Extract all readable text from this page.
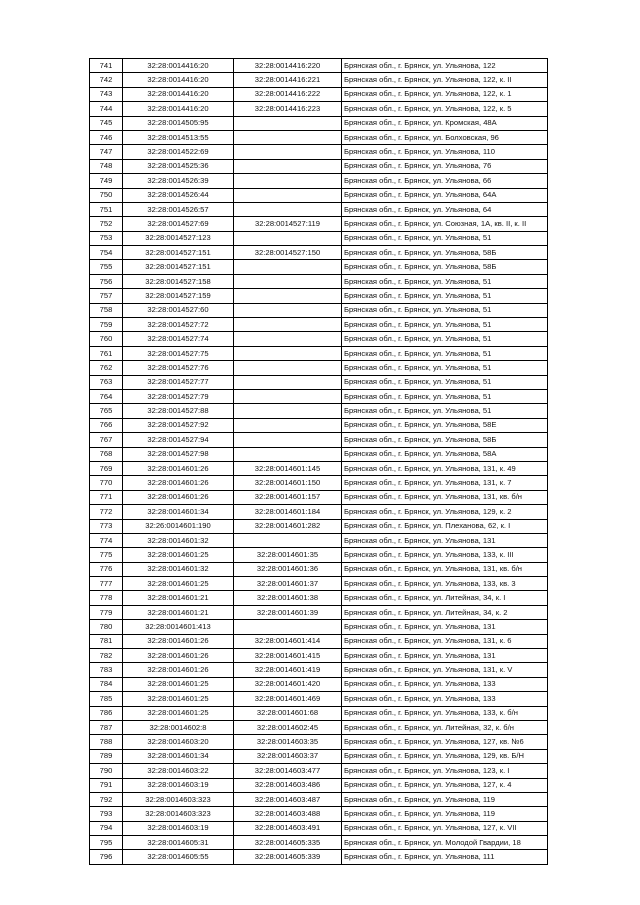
741	32:28:0014416:20	32:28:0014416:220	Брянская обл., г. Брянск, ул. Ульянова, 122
742	32:28:0014416:20	32:28:0014416:221	Брянская обл., г. Брянск, ул. Ульянова, 122, к. II
743	32:28:0014416:20	32:28:0014416:222	Брянская обл., г. Брянск, ул. Ульянова, 122, к. 1
744	32:28:0014416:20	32:28:0014416:223	Брянская обл., г. Брянск, ул. Ульянова, 122, к. 5
745	32:28:0014505:95		Брянская обл., г. Брянск, ул. Кромская, 48А
746	32:28:0014513:55		Брянская обл., г. Брянск, ул. Болховская, 96
747	32:28:0014522:69		Брянская обл., г. Брянск, ул. Ульянова, 110
748	32:28:0014525:36		Брянская обл., г. Брянск, ул. Ульянова, 76
749	32:28:0014526:39		Брянская обл., г. Брянск, ул. Ульянова, 66
750	32:28:0014526:44		Брянская обл., г. Брянск, ул. Ульянова, 64А
751	32:28:0014526:57		Брянская обл., г. Брянск, ул. Ульянова, 64
752	32:28:0014527:69	32:28:0014527:119	Брянская обл., г. Брянск, ул. Союзная, 1А, кв. II, к. II
753	32:28:0014527:123		Брянская обл., г. Брянск, ул. Ульянова, 51
754	32:28:0014527:151	32:28:0014527:150	Брянская обл., г. Брянск, ул. Ульянова, 58Б
755	32:28:0014527:151		Брянская обл., г. Брянск, ул. Ульянова, 58Б
756	32:28:0014527:158		Брянская обл., г. Брянск, ул. Ульянова, 51
757	32:28:0014527:159		Брянская обл., г. Брянск, ул. Ульянова, 51
758	32:28:0014527:60		Брянская обл., г. Брянск, ул. Ульянова, 51
759	32:28:0014527:72		Брянская обл., г. Брянск, ул. Ульянова, 51
760	32:28:0014527:74		Брянская обл., г. Брянск, ул. Ульянова, 51
761	32:28:0014527:75		Брянская обл., г. Брянск, ул. Ульянова, 51
762	32:28:0014527:76		Брянская обл., г. Брянск, ул. Ульянова, 51
763	32:28:0014527:77		Брянская обл., г. Брянск, ул. Ульянова, 51
764	32:28:0014527:79		Брянская обл., г. Брянск, ул. Ульянова, 51
765	32:28:0014527:88		Брянская обл., г. Брянск, ул. Ульянова, 51
766	32:28:0014527:92		Брянская обл., г. Брянск, ул. Ульянова, 58Е
767	32:28:0014527:94		Брянская обл., г. Брянск, ул. Ульянова, 58Б
768	32:28:0014527:98		Брянская обл., г. Брянск, ул. Ульянова, 58А
769	32:28:0014601:26	32:28:0014601:145	Брянская обл., г. Брянск, ул. Ульянова, 131, к. 49
770	32:28:0014601:26	32:28:0014601:150	Брянская обл., г. Брянск, ул. Ульянова, 131, к. 7
771	32:28:0014601:26	32:28:0014601:157	Брянская обл., г. Брянск, ул. Ульянова, 131, кв. б/н
772	32:28:0014601:34	32:28:0014601:184	Брянская обл., г. Брянск, ул. Ульянова, 129, к. 2
773	32:26:0014601:190	32:28:0014601:282	Брянская обл., г. Брянск, ул. Плеханова, 62, к. I
774	32:28:0014601:32		Брянская обл., г. Брянск, ул. Ульянова, 131
775	32:28:0014601:25	32:28:0014601:35	Брянская обл., г. Брянск, ул. Ульянова, 133, к. III
776	32:28:0014601:32	32:28:0014601:36	Брянская обл., г. Брянск, ул. Ульянова, 131, кв. б/н
777	32:28:0014601:25	32:28:0014601:37	Брянская обл., г. Брянск, ул. Ульянова, 133, кв. 3
778	32:28:0014601:21	32:28:0014601:38	Брянская обл., г. Брянск, ул. Литейная, 34, к. I
779	32:28:0014601:21	32:28:0014601:39	Брянская обл., г. Брянск, ул. Литейная, 34, к. 2
780	32:28:0014601:413		Брянская обл., г. Брянск, ул. Ульянова, 131
781	32:28:0014601:26	32:28:0014601:414	Брянская обл., г. Брянск, ул. Ульянова, 131, к. 6
782	32:28:0014601:26	32:28:0014601:415	Брянская обл., г. Брянск, ул. Ульянова, 131
783	32:28:0014601:26	32:28:0014601:419	Брянская обл., г. Брянск, ул. Ульянова, 131, к. V
784	32:28:0014601:25	32:28:0014601:420	Брянская обл., г. Брянск, ул. Ульянова, 133
785	32:28:0014601:25	32:28:0014601:469	Брянская обл., г. Брянск, ул. Ульянова, 133
786	32:28:0014601:25	32:28:0014601:68	Брянская обл., г. Брянск, ул. Ульянова, 133, к. б/н
787	32:28:0014602:8	32:28:0014602:45	Брянская обл., г. Брянск, ул. Литейная, 32, к. б/н
788	32:28:0014603:20	32:28:0014603:35	Брянская обл., г. Брянск, ул. Ульянова, 127, кв. №6
789	32:28:0014601:34	32:28:0014603:37	Брянская обл., г. Брянск, ул. Ульянова, 129, кв. Б/Н
790	32:28:0014603:22	32:28:0014603:477	Брянская обл., г. Брянск, ул. Ульянова, 123, к. I
791	32:28:0014603:19	32:28:0014603:486	Брянская обл., г. Брянск, ул. Ульянова, 127, к. 4
792	32:28:0014603:323	32:28:0014603:487	Брянская обл., г. Брянск, ул. Ульянова, 119
793	32:28:0014603:323	32:28:0014603:488	Брянская обл., г. Брянск, ул. Ульянова, 119
794	32:28:0014603:19	32:28:0014603:491	Брянская обл., г. Брянск, ул. Ульянова, 127, к. VII
795	32:28:0014605:31	32:28:0014605:335	Брянская обл., г. Брянск, ул. Молодой Гвардии, 18
796	32:28:0014605:55	32:28:0014605:339	Брянская обл., г. Брянск, ул. Ульянова, 111
